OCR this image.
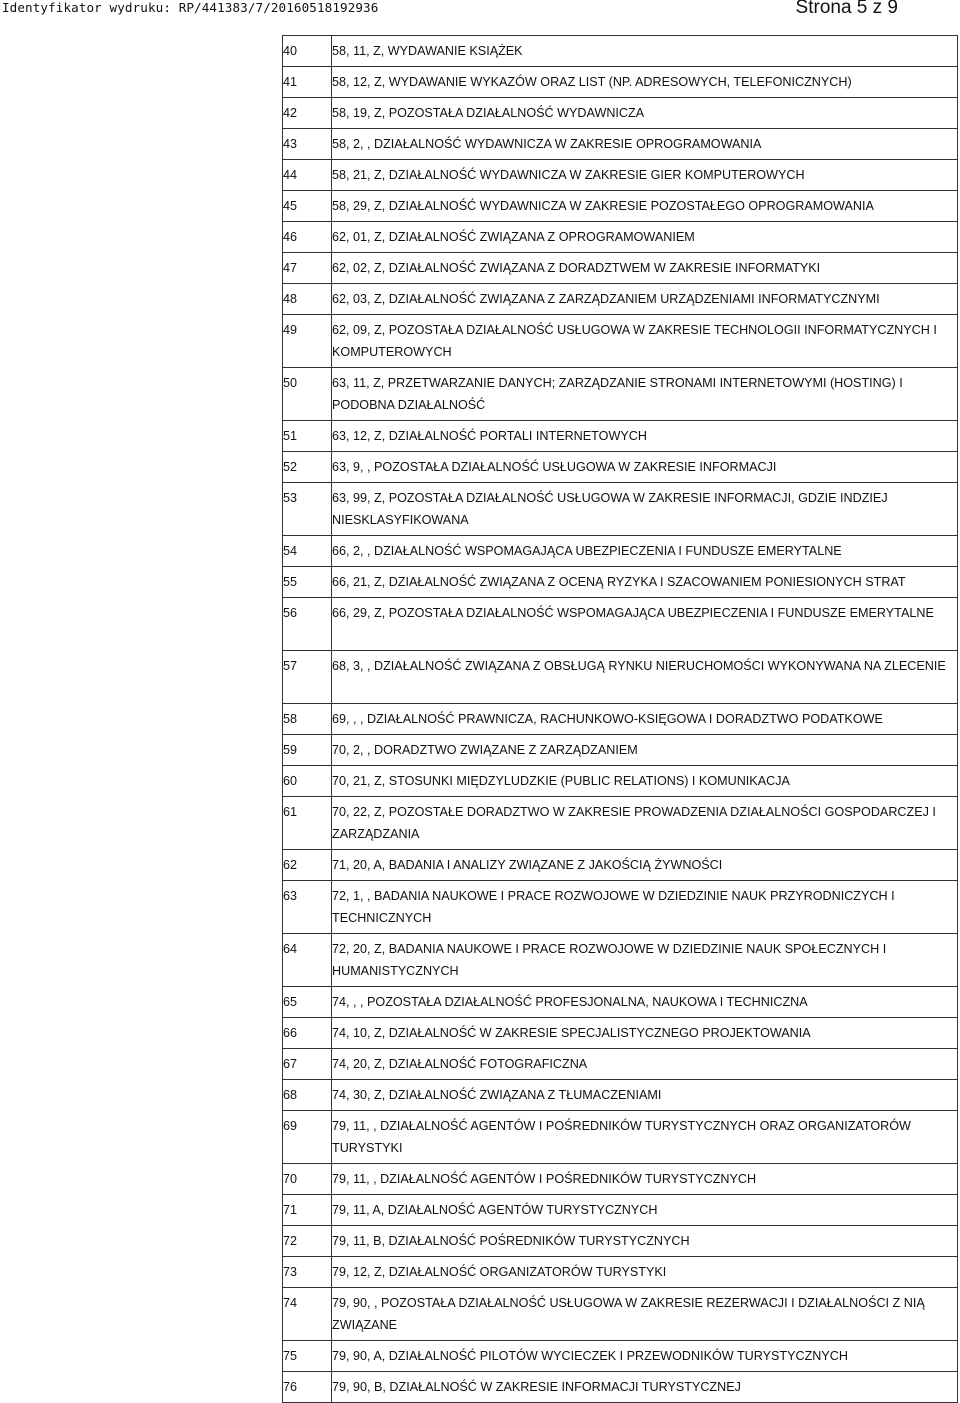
Identyfikator wydruku: RP/441383/7/20160518192936	Strona 5 z 9
40	58, 11, Z, WYDAWANIE KSIĄŻEK
41	58, 12, Z, WYDAWANIE WYKAZÓW ORAZ LIST (NP. ADRESOWYCH, TELEFONICZNYCH)
42	58, 19, Z, POZOSTAŁA DZIAŁALNOŚĆ WYDAWNICZA
43	58, 2, , DZIAŁALNOŚĆ WYDAWNICZA W ZAKRESIE OPROGRAMOWANIA
44	58, 21, Z, DZIAŁALNOŚĆ WYDAWNICZA W ZAKRESIE GIER KOMPUTEROWYCH
45	58, 29, Z, DZIAŁALNOŚĆ WYDAWNICZA W ZAKRESIE POZOSTAŁEGO OPROGRAMOWANIA
46	62, 01, Z, DZIAŁALNOŚĆ ZWIĄZANA Z OPROGRAMOWANIEM
47	62, 02, Z, DZIAŁALNOŚĆ ZWIĄZANA Z DORADZTWEM W ZAKRESIE INFORMATYKI
48	62, 03, Z, DZIAŁALNOŚĆ ZWIĄZANA Z ZARZĄDZANIEM URZĄDZENIAMI INFORMATYCZNYMI
49	62, 09, Z, POZOSTAŁA DZIAŁALNOŚĆ USŁUGOWA W ZAKRESIE TECHNOLOGII INFORMATYCZNYCH I KOMPUTEROWYCH
50	63, 11, Z, PRZETWARZANIE DANYCH; ZARZĄDZANIE STRONAMI INTERNETOWYMI (HOSTING) I PODOBNA DZIAŁALNOŚĆ
51	63, 12, Z, DZIAŁALNOŚĆ PORTALI INTERNETOWYCH
52	63, 9, , POZOSTAŁA DZIAŁALNOŚĆ USŁUGOWA W ZAKRESIE INFORMACJI
53	63, 99, Z, POZOSTAŁA DZIAŁALNOŚĆ USŁUGOWA W ZAKRESIE INFORMACJI, GDZIE INDZIEJ NIESKLASYFIKOWANA
54	66, 2, , DZIAŁALNOŚĆ WSPOMAGAJĄCA UBEZPIECZENIA I FUNDUSZE EMERYTALNE
55	66, 21, Z, DZIAŁALNOŚĆ ZWIĄZANA Z OCENĄ RYZYKA I SZACOWANIEM PONIESIONYCH STRAT
56	66, 29, Z, POZOSTAŁA DZIAŁALNOŚĆ WSPOMAGAJĄCA UBEZPIECZENIA I FUNDUSZE EMERYTALNE
57	68, 3, , DZIAŁALNOŚĆ ZWIĄZANA Z OBSŁUGĄ RYNKU NIERUCHOMOŚCI WYKONYWANA NA ZLECENIE
58	69, , , DZIAŁALNOŚĆ PRAWNICZA, RACHUNKOWO-KSIĘGOWA I DORADZTWO PODATKOWE
59	70, 2, , DORADZTWO ZWIĄZANE Z ZARZĄDZANIEM
60	70, 21, Z, STOSUNKI MIĘDZYLUDZKIE (PUBLIC RELATIONS) I KOMUNIKACJA
61	70, 22, Z, POZOSTAŁE DORADZTWO W ZAKRESIE PROWADZENIA DZIAŁALNOŚCI GOSPODARCZEJ I ZARZĄDZANIA
62	71, 20, A, BADANIA I ANALIZY ZWIĄZANE Z JAKOŚCIĄ ŻYWNOŚCI
63	72, 1, , BADANIA NAUKOWE I PRACE ROZWOJOWE W DZIEDZINIE NAUK PRZYRODNICZYCH I TECHNICZNYCH
64	72, 20, Z, BADANIA NAUKOWE I PRACE ROZWOJOWE W DZIEDZINIE NAUK SPOŁECZNYCH I HUMANISTYCZNYCH
65	74, , , POZOSTAŁA DZIAŁALNOŚĆ PROFESJONALNA, NAUKOWA I TECHNICZNA
66	74, 10, Z, DZIAŁALNOŚĆ W ZAKRESIE SPECJALISTYCZNEGO PROJEKTOWANIA
67	74, 20, Z, DZIAŁALNOŚĆ FOTOGRAFICZNA
68	74, 30, Z, DZIAŁALNOŚĆ ZWIĄZANA Z TŁUMACZENIAMI
69	79, 11, , DZIAŁALNOŚĆ AGENTÓW I POŚREDNIKÓW TURYSTYCZNYCH ORAZ ORGANIZATORÓW TURYSTYKI
70	79, 11, , DZIAŁALNOŚĆ AGENTÓW I POŚREDNIKÓW TURYSTYCZNYCH
71	79, 11, A, DZIAŁALNOŚĆ AGENTÓW TURYSTYCZNYCH
72	79, 11, B, DZIAŁALNOŚĆ POŚREDNIKÓW TURYSTYCZNYCH
73	79, 12, Z, DZIAŁALNOŚĆ ORGANIZATORÓW TURYSTYKI
74	79, 90, , POZOSTAŁA DZIAŁALNOŚĆ USŁUGOWA W ZAKRESIE REZERWACJI I DZIAŁALNOŚCI Z NIĄ ZWIĄZANE
75	79, 90, A, DZIAŁALNOŚĆ PILOTÓW WYCIECZEK I PRZEWODNIKÓW TURYSTYCZNYCH
76	79, 90, B, DZIAŁALNOŚĆ W ZAKRESIE INFORMACJI TURYSTYCZNEJ
